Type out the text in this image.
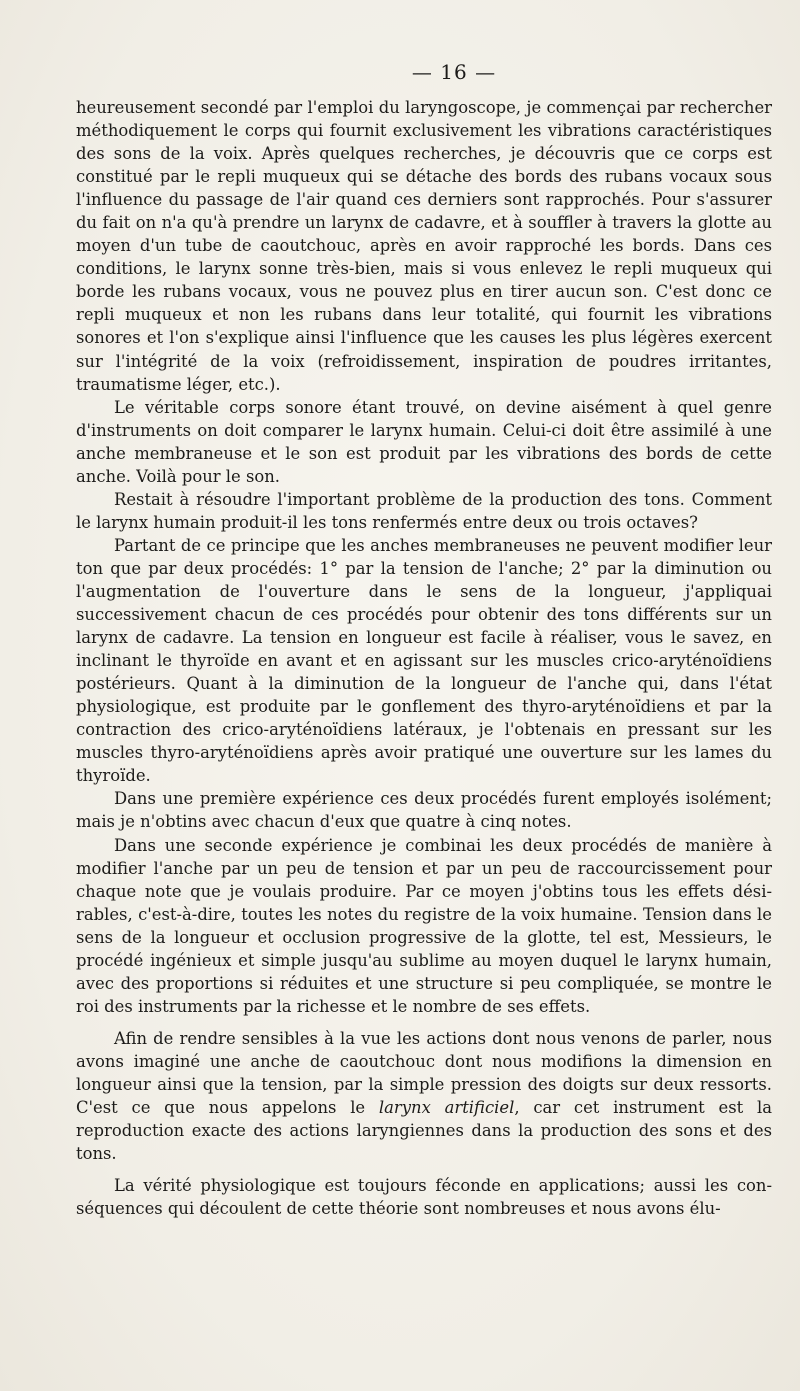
— 16 —

heureusement secondé par l'emploi du laryngoscope, je commençai par rechercher méthodiquement le corps qui fournit exclusivement les vibrations caractéristiques des sons de la voix. Après quelques recherches, je découvris que ce corps est constitué par le repli muqueux qui se détache des bords des rubans vocaux sous l'influence du passage de l'air quand ces derniers sont rapprochés. Pour s'assurer du fait on n'a qu'à prendre un larynx de cadavre, et à souffler à travers la glotte au moyen d'un tube de caoutchouc, après en avoir rapproché les bords. Dans ces conditions, le larynx sonne très-bien, mais si vous enlevez le repli muqueux qui borde les rubans vocaux, vous ne pouvez plus en tirer aucun son. C'est donc ce repli muqueux et non les rubans dans leur totalité, qui fournit les vibrations sonores et l'on s'explique ainsi l'influence que les causes les plus légères exercent sur l'intégrité de la voix (refroidissement, inspiration de poudres irritantes, traumatisme léger, etc.).

Le véritable corps sonore étant trouvé, on devine aisément à quel genre d'instruments on doit comparer le larynx humain. Celui-ci doit être assimilé à une anche membraneuse et le son est produit par les vibrations des bords de cette anche. Voilà pour le son.

Restait à résoudre l'important problème de la production des tons. Comment le larynx humain produit-il les tons renfermés entre deux ou trois octaves?

Partant de ce principe que les anches membraneuses ne peuvent modifier leur ton que par deux procédés: 1° par la tension de l'anche; 2° par la diminution ou l'augmentation de l'ouverture dans le sens de la longueur, j'appliquai successivement chacun de ces procédés pour obtenir des tons différents sur un larynx de cadavre. La tension en longueur est facile à réaliser, vous le savez, en inclinant le thyroïde en avant et en agissant sur les muscles crico-aryténoïdiens postérieurs. Quant à la diminution de la longueur de l'anche qui, dans l'état physiologique, est produite par le gonflement des thyro-aryténoïdiens et par la contraction des crico-aryténoïdiens latéraux, je l'obtenais en pressant sur les muscles thyro-aryténoïdiens après avoir pratiqué une ouverture sur les lames du thyroïde.

Dans une première expérience ces deux procédés furent employés isolément; mais je n'obtins avec chacun d'eux que quatre à cinq notes.

Dans une seconde expérience je combinai les deux procédés de manière à modifier l'anche par un peu de tension et par un peu de raccourcissement pour chaque note que je voulais produire. Par ce moyen j'obtins tous les effets désirables, c'est-à-dire, toutes les notes du registre de la voix humaine. Tension dans le sens de la longueur et occlusion progressive de la glotte, tel est, Messieurs, le procédé ingénieux et simple jusqu'au sublime au moyen duquel le larynx humain, avec des proportions si réduites et une structure si peu compliquée, se montre le roi des instruments par la richesse et le nombre de ses effets.

Afin de rendre sensibles à la vue les actions dont nous venons de parler, nous avons imaginé une anche de caoutchouc dont nous modifions la dimension en longueur ainsi que la tension, par la simple pression des doigts sur deux ressorts. C'est ce que nous appelons le larynx artificiel, car cet instrument est la reproduction exacte des actions laryngiennes dans la production des sons et des tons.

La vérité physiologique est toujours féconde en applications; aussi les conséquences qui découlent de cette théorie sont nombreuses et nous avons élu-
